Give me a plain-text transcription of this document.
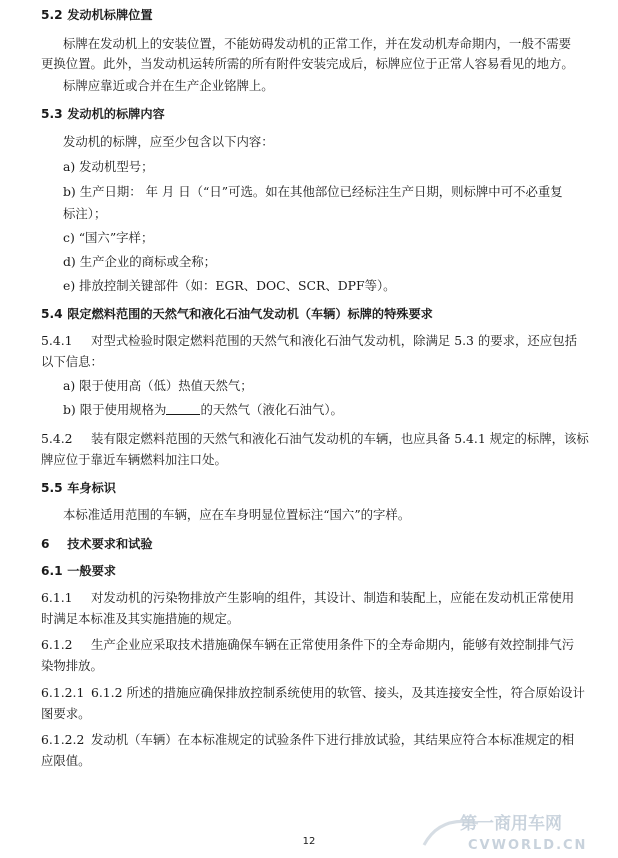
5.2 发动机标牌位置
标牌在发动机上的安装位置，不能妨碍发动机的正常工作，并在发动机寿命期内，一般不需要
更换位置。此外，当发动机运转所需的所有附件安装完成后，标牌应位于正常人容易看见的地方。
标牌应靠近或合并在生产企业铭牌上。
5.3 发动机的标牌内容
发动机的标牌，应至少包含以下内容：
a) 发动机型号；
b) 生产日期： 年 月 日（“日”可选。如在其他部位已经标注生产日期，则标牌中可不必重复
标注）；
c) “国六”字样；
d) 生产企业的商标或全称；
e) 排放控制关键部件（如：EGR、DOC、SCR、DPF等）。
5.4 限定燃料范围的天然气和液化石油气发动机（车辆）标牌的特殊要求
5.4.1 对型式检验时限定燃料范围的天然气和液化石油气发动机，除满足 5.3 的要求，还应包括
以下信息：
a) 限于使用高（低）热值天然气；
b) 限于使用规格为	的天然气（液化石油气）。
5.4.2 装有限定燃料范围的天然气和液化石油气发动机的车辆，也应具备 5.4.1 规定的标牌，该标
牌应位于靠近车辆燃料加注口处。
5.5 车身标识
本标准适用范围的车辆，应在车身明显位置标注“国六”的字样。
6 技术要求和试验
6.1 一般要求
6.1.1 对发动机的污染物排放产生影响的组件，其设计、制造和装配上，应能在发动机正常使用
时满足本标准及其实施措施的规定。
6.1.2 生产企业应采取技术措施确保车辆在正常使用条件下的全寿命期内，能够有效控制排气污
染物排放。
6.1.2.1 6.1.2 所述的措施应确保排放控制系统使用的软管、接头，及其连接安全性，符合原始设计
图要求。
6.1.2.2 发动机（车辆）在本标准规定的试验条件下进行排放试验，其结果应符合本标准规定的相
应限值。
12
第一商用车网
CVWORLD.CN
